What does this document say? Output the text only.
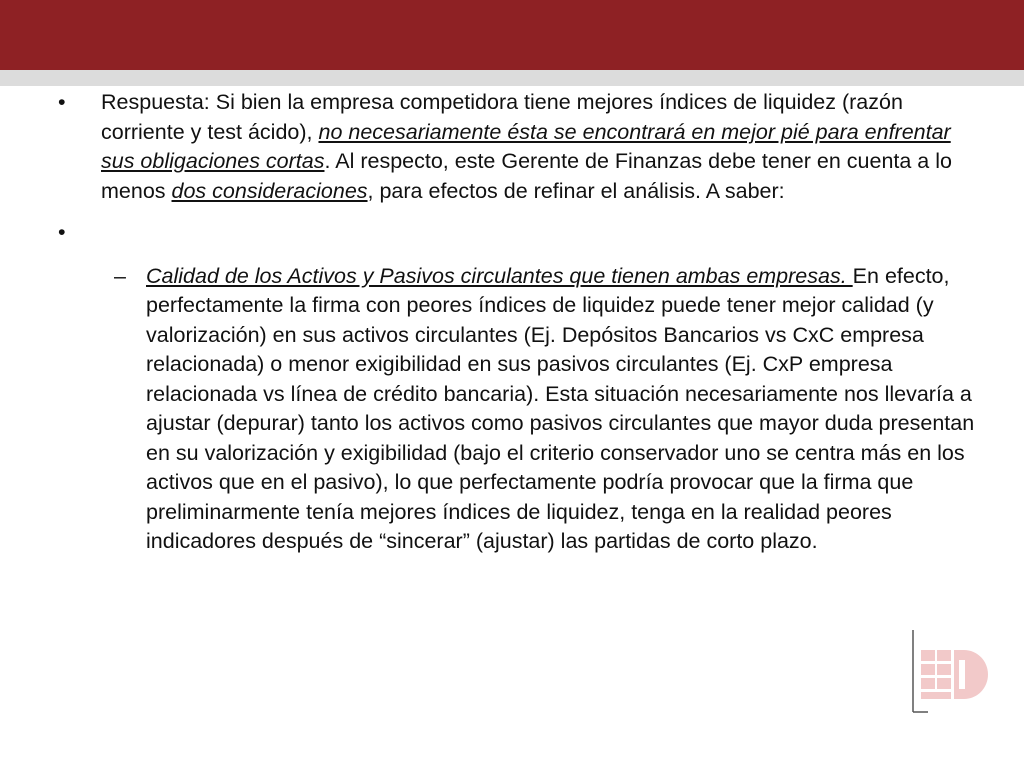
•	Respuesta: Si bien la empresa competidora tiene mejores índices de liquidez (razón corriente y test ácido), no necesariamente ésta se encontrará en mejor pié para enfrentar sus obligaciones cortas. Al respecto, este Gerente de Finanzas debe tener en cuenta a lo menos dos consideraciones, para efectos de refinar el análisis. A saber:
•
– Calidad de los Activos y Pasivos circulantes que tienen ambas empresas. En efecto, perfectamente la firma con peores índices de liquidez puede tener mejor calidad (y valorización) en sus activos circulantes (Ej. Depósitos Bancarios vs CxC empresa relacionada) o menor exigibilidad en sus pasivos circulantes (Ej. CxP empresa relacionada vs línea de crédito bancaria). Esta situación necesariamente nos llevaría a ajustar (depurar) tanto los activos como pasivos circulantes que mayor duda presentan en su valorización y exigibilidad (bajo el criterio conservador uno se centra más en los activos que en el pasivo), lo que perfectamente podría provocar que la firma que preliminarmente tenía mejores índices de liquidez, tenga en la realidad peores indicadores después de “sincerar” (ajustar) las partidas de corto plazo.
